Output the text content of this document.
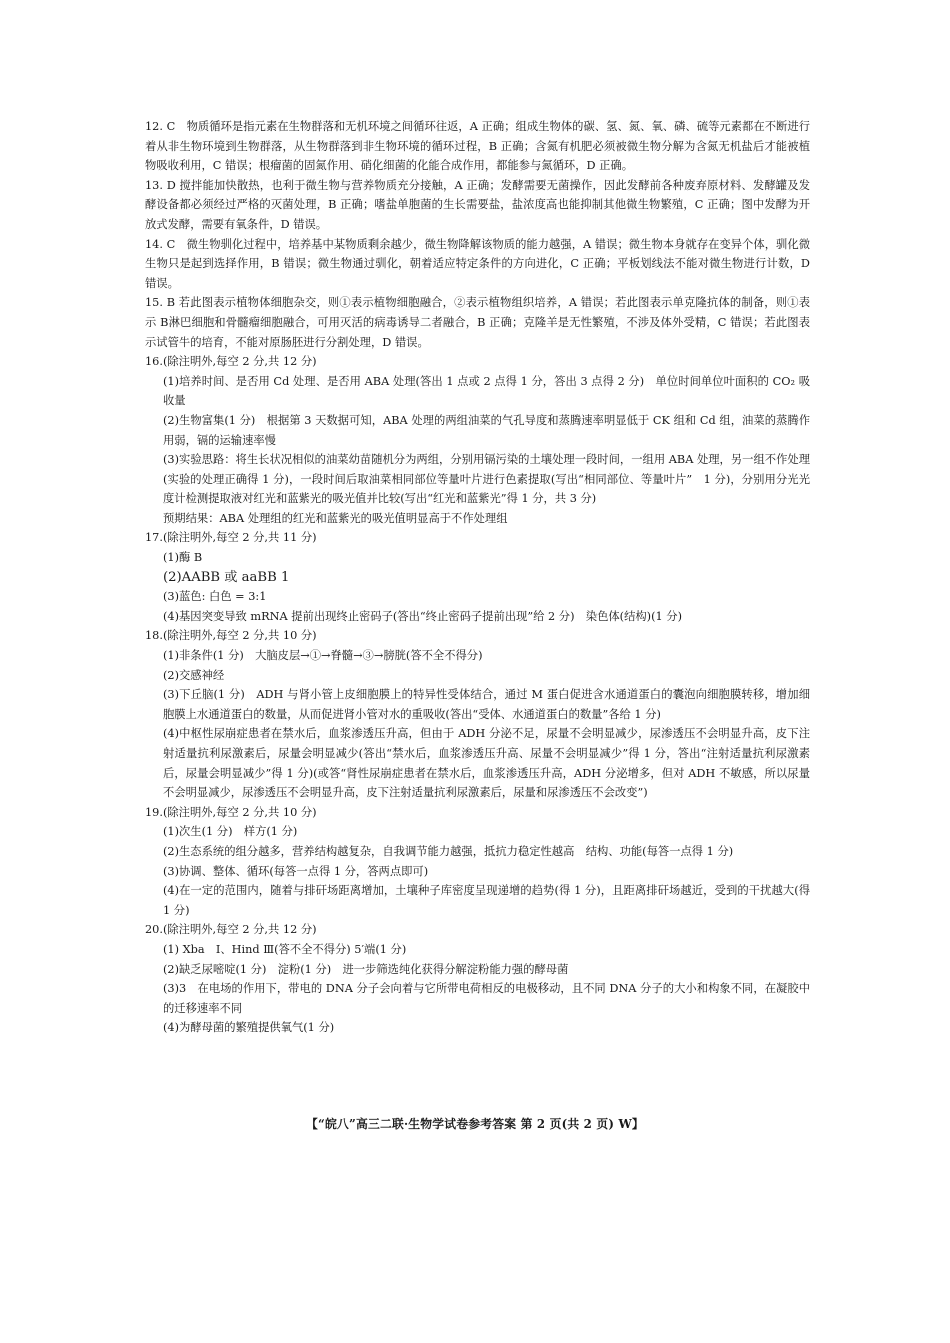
12. C　物质循环是指元素在生物群落和无机环境之间循环往返，A 正确；组成生物体的碳、氢、氮、氧、磷、硫等元素都在不断进行着从非生物环境到生物群落，从生物群落到非生物环境的循环过程，B 正确；含氮有机肥必须被微生物分解为含氮无机盐后才能被植物吸收利用，C 错误；根瘤菌的固氮作用、硝化细菌的化能合成作用，都能参与氮循环，D 正确。

13. D 搅拌能加快散热，也利于微生物与营养物质充分接触，A 正确；发酵需要无菌操作，因此发酵前各种废弃原材料、发酵罐及发酵设备都必须经过严格的灭菌处理，B 正确；嗜盐单胞菌的生长需要盐，盐浓度高也能抑制其他微生物繁殖，C 正确；图中发酵为开放式发酵，需要有氧条件，D 错误。

14. C　微生物驯化过程中，培养基中某物质剩余越少，微生物降解该物质的能力越强，A 错误；微生物本身就存在变异个体，驯化微生物只是起到选择作用，B 错误；微生物通过驯化，朝着适应特定条件的方向进化，C 正确；平板划线法不能对微生物进行计数，D 错误。

15. B 若此图表示植物体细胞杂交，则①表示植物细胞融合，②表示植物组织培养，A 错误；若此图表示单克隆抗体的制备，则①表示 B淋巴细胞和骨髓瘤细胞融合，可用灭活的病毒诱导二者融合，B 正确；克隆羊是无性繁殖，不涉及体外受精，C 错误；若此图表示试管牛的培育，不能对原肠胚进行分割处理，D 错误。

16.(除注明外,每空 2 分,共 12 分)

(1)培养时间、是否用 Cd 处理、是否用 ABA 处理(答出 1 点或 2 点得 1 分，答出 3 点得 2 分)　单位时间单位叶面积的 CO₂ 吸收量

(2)生物富集(1 分)　根据第 3 天数据可知，ABA 处理的两组油菜的气孔导度和蒸腾速率明显低于 CK 组和 Cd 组，油菜的蒸腾作用弱，镉的运输速率慢

(3)实验思路：将生长状况相似的油菜幼苗随机分为两组，分别用镉污染的土壤处理一段时间，一组用 ABA 处理，另一组不作处理(实验的处理正确得 1 分)，一段时间后取油菜相同部位等量叶片进行色素提取(写出“相同部位、等量叶片”　1 分)，分别用分光光度计检测提取液对红光和蓝紫光的吸光值并比较(写出“红光和蓝紫光”得 1 分，共 3 分)

预期结果：ABA 处理组的红光和蓝紫光的吸光值明显高于不作处理组

17.(除注明外,每空 2 分,共 11 分)

(1)酶 B

(2)AABB 或 aaBB 1

(3)蓝色: 白色 = 3:1

(4)基因突变导致 mRNA 提前出现终止密码子(答出“终止密码子提前出现”给 2 分)　染色体(结构)(1 分)

18.(除注明外,每空 2 分,共 10 分)

(1)非条件(1 分)　大脑皮层→①→脊髓→③→膀胱(答不全不得分)

(2)交感神经

(3)下丘脑(1 分)　ADH 与肾小管上皮细胞膜上的特异性受体结合，通过 M 蛋白促进含水通道蛋白的囊泡向细胞膜转移，增加细胞膜上水通道蛋白的数量，从而促进肾小管对水的重吸收(答出“受体、水通道蛋白的数量”各给 1 分)

(4)中枢性尿崩症患者在禁水后，血浆渗透压升高，但由于 ADH 分泌不足，尿量不会明显减少，尿渗透压不会明显升高，皮下注射适量抗利尿激素后，尿量会明显减少(答出“禁水后，血浆渗透压升高、尿量不会明显减少”得 1 分，答出“注射适量抗利尿激素后，尿量会明显减少”得 1 分)(或答“肾性尿崩症患者在禁水后，血浆渗透压升高，ADH 分泌增多，但对 ADH 不敏感，所以尿量不会明显减少，尿渗透压不会明显升高，皮下注射适量抗利尿激素后，尿量和尿渗透压不会改变”)

19.(除注明外,每空 2 分,共 10 分)

(1)次生(1 分)　样方(1 分)

(2)生态系统的组分越多，营养结构越复杂，自我调节能力越强，抵抗力稳定性越高　结构、功能(每答一点得 1 分)

(3)协调、整体、循环(每答一点得 1 分，答两点即可)

(4)在一定的范围内，随着与排矸场距离增加，土壤种子库密度呈现递增的趋势(得 1 分)，且距离排矸场越近，受到的干扰越大(得 1 分)

20.(除注明外,每空 2 分,共 12 分)

(1) Xba　Ⅰ、Hind Ⅲ(答不全不得分) 5′端(1 分)

(2)缺乏尿嘧啶(1 分)　淀粉(1 分)　进一步筛选纯化获得分解淀粉能力强的酵母菌

(3)3　在电场的作用下，带电的 DNA 分子会向着与它所带电荷相反的电极移动，且不同 DNA 分子的大小和构象不同，在凝胶中的迁移速率不同

(4)为酵母菌的繁殖提供氧气(1 分)

【“皖八”高三二联·生物学试卷参考答案 第 2 页(共 2 页) W】
